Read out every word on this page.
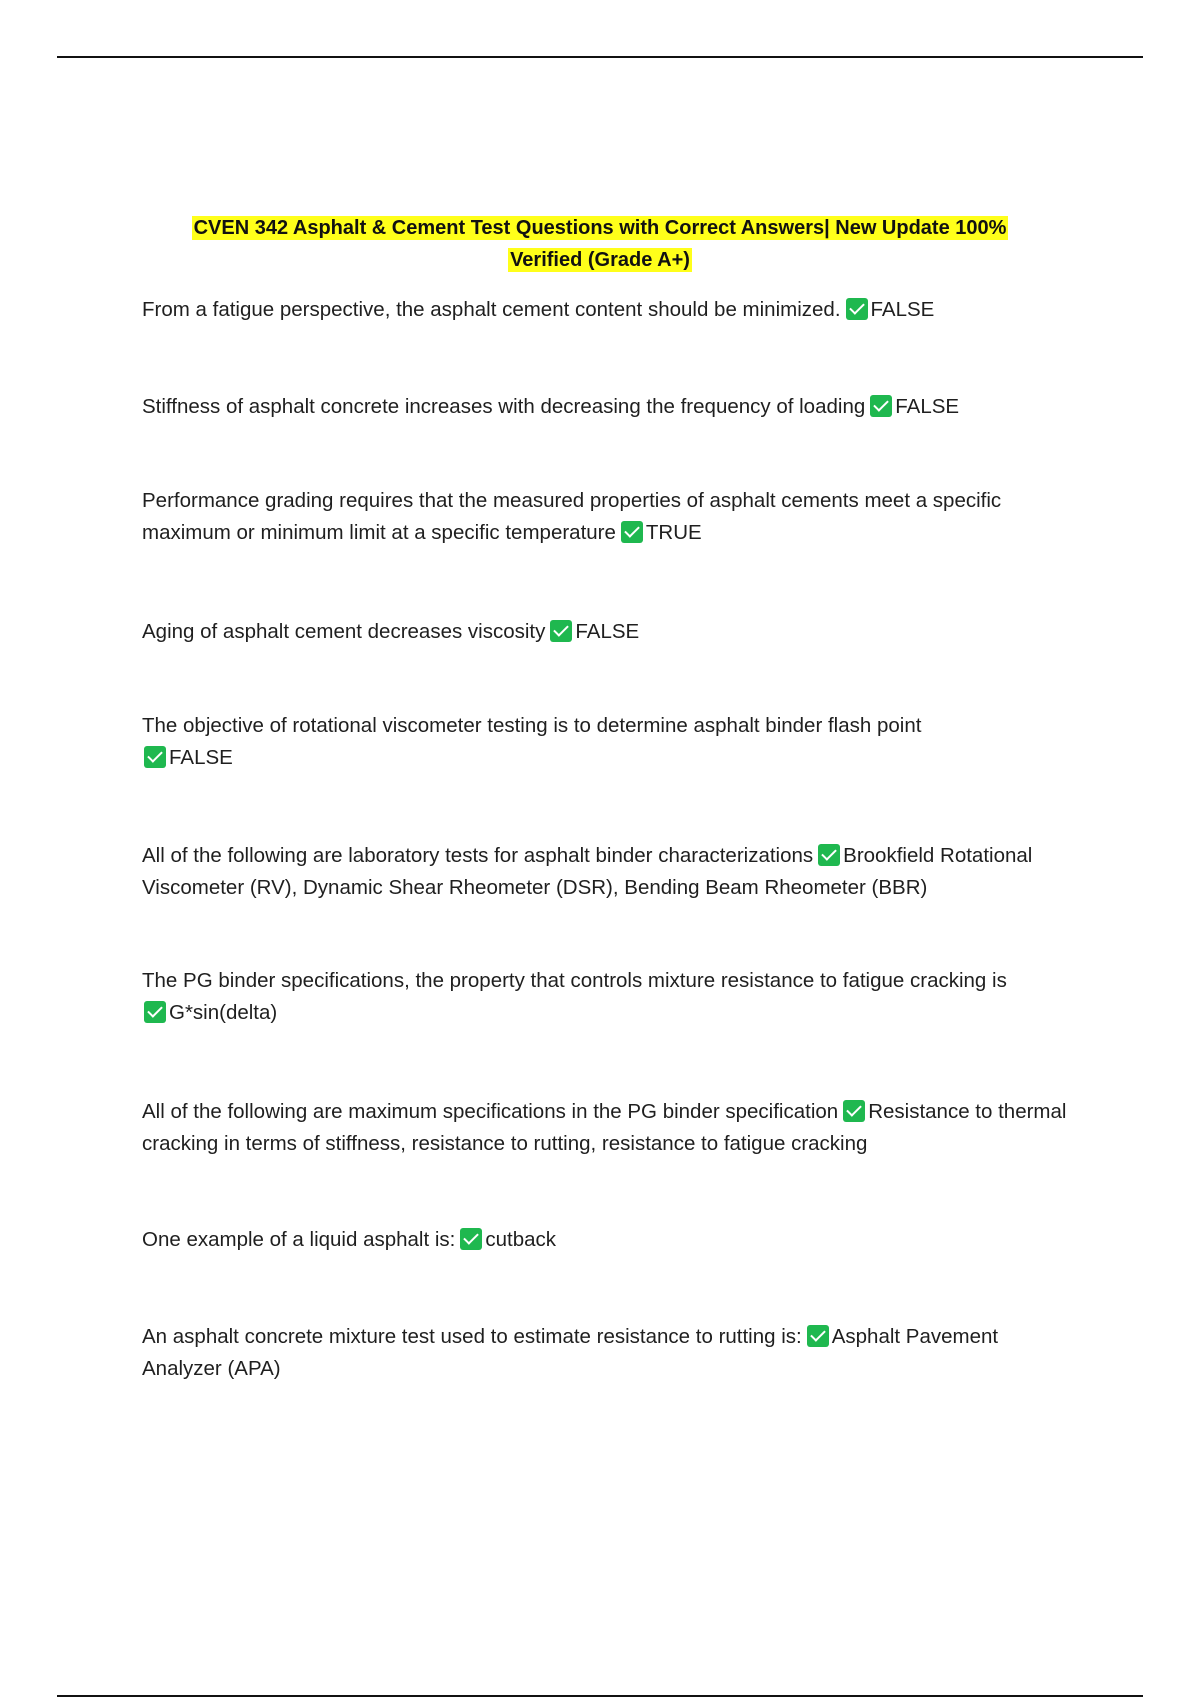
CVEN 342 Asphalt & Cement Test Questions with Correct Answers| New Update 100%
Verified (Grade A+)
From a fatigue perspective, the asphalt cement content should be minimized. FALSE
Stiffness of asphalt concrete increases with decreasing the frequency of loading FALSE
Performance grading requires that the measured properties of asphalt cements meet a specific maximum or minimum limit at a specific temperature TRUE
Aging of asphalt cement decreases viscosity FALSE
The objective of rotational viscometer testing is to determine asphalt binder flash point
FALSE
All of the following are laboratory tests for asphalt binder characterizations Brookfield Rotational Viscometer (RV), Dynamic Shear Rheometer (DSR), Bending Beam Rheometer (BBR)
The PG binder specifications, the property that controls mixture resistance to fatigue cracking is
G*sin(delta)
All of the following are maximum specifications in the PG binder specification Resistance to thermal cracking in terms of stiffness, resistance to rutting, resistance to fatigue cracking
One example of a liquid asphalt is: cutback
An asphalt concrete mixture test used to estimate resistance to rutting is: Asphalt Pavement Analyzer (APA)
